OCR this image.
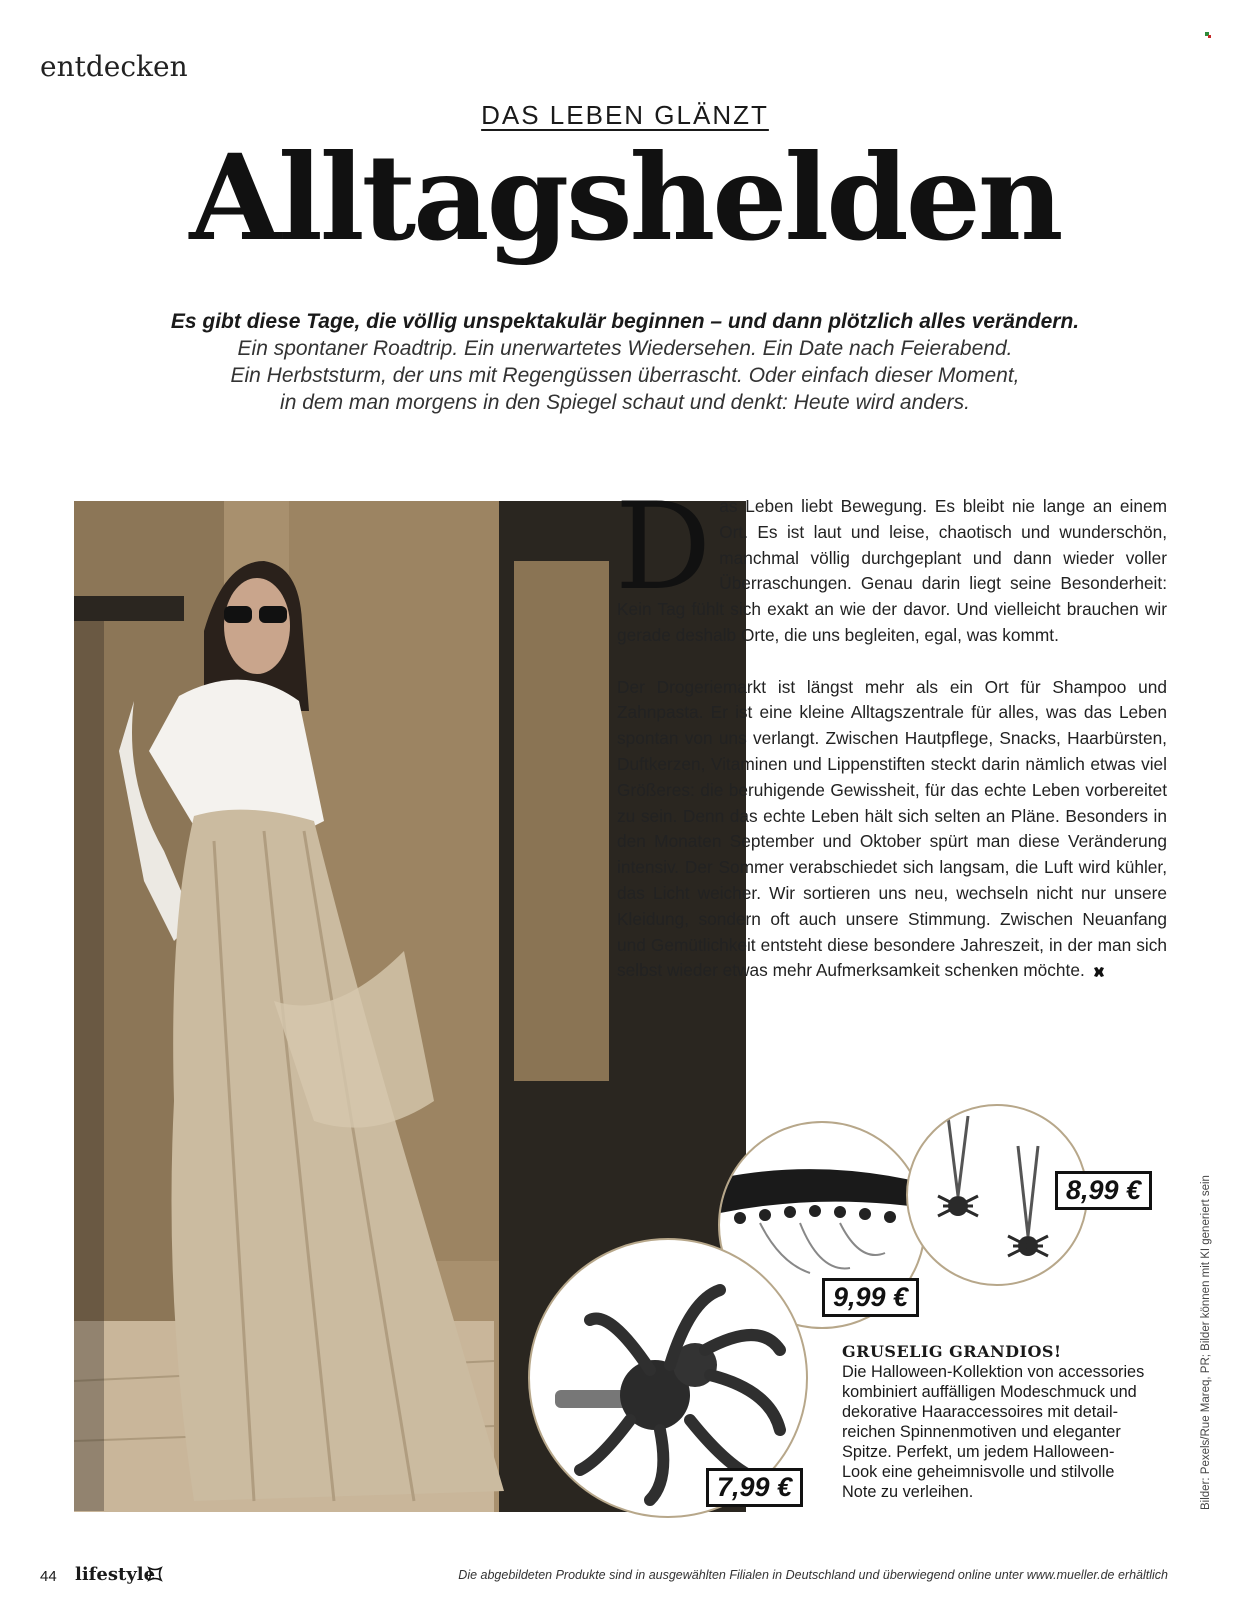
entdecken
DAS LEBEN GLÄNZT
Alltagshelden
Es gibt diese Tage, die völlig unspektakulär beginnen – und dann plötzlich alles verändern.
Ein spontaner Roadtrip. Ein unerwartetes Wiedersehen. Ein Date nach Feierabend.
Ein Herbststurm, der uns mit Regengüssen überrascht. Oder einfach dieser Moment,
in dem man morgens in den Spiegel schaut und denkt: Heute wird anders.

Das Leben liebt Bewegung. Es bleibt nie lange an einem Ort. Es ist laut und leise, chaotisch und wunderschön, manchmal völlig durchgeplant und dann wieder voller Überraschungen. Genau darin liegt seine Besonderheit: Kein Tag fühlt sich exakt an wie der davor. Und vielleicht brauchen wir gerade deshalb Orte, die uns begleiten, egal, was kommt.

Der Drogeriemarkt ist längst mehr als ein Ort für Shampoo und Zahnpasta. Er ist eine kleine Alltagszentrale für alles, was das Leben spontan von uns verlangt. Zwischen Hautpflege, Snacks, Haarbürsten, Duftkerzen, Vitaminen und Lippenstiften steckt darin nämlich etwas viel Größeres: die beruhigende Gewissheit, für das echte Leben vorbereitet zu sein. Denn das echte Leben hält sich selten an Pläne. Besonders in den Monaten September und Oktober spürt man diese Veränderung intensiv. Der Sommer verabschiedet sich langsam, die Luft wird kühler, das Licht weicher. Wir sortieren uns neu, wechseln nicht nur unsere Kleidung, sondern oft auch unsere Stimmung. Zwischen Neuanfang und Gemütlichkeit entsteht diese besondere Jahreszeit, in der man sich selbst wieder etwas mehr Aufmerksamkeit schenken möchte.

9,99 €
8,99 €
7,99 €
GRUSELIG GRANDIOS!
Die Halloween-Kollektion von accessories
kombiniert auffälligen Modeschmuck und
dekorative Haaraccessoires mit detail-
reichen Spinnenmotiven und eleganter
Spitze. Perfekt, um jedem Halloween-
Look eine geheimnisvolle und stilvolle
Note zu verleihen.	Bilder: Pexels/Rue Mareq, PR; Bilder können mit KI generiert sein
44 lifestyle	Die abgebildeten Produkte sind in ausgewählten Filialen in Deutschland und überwiegend online unter www.mueller.de erhältlich
